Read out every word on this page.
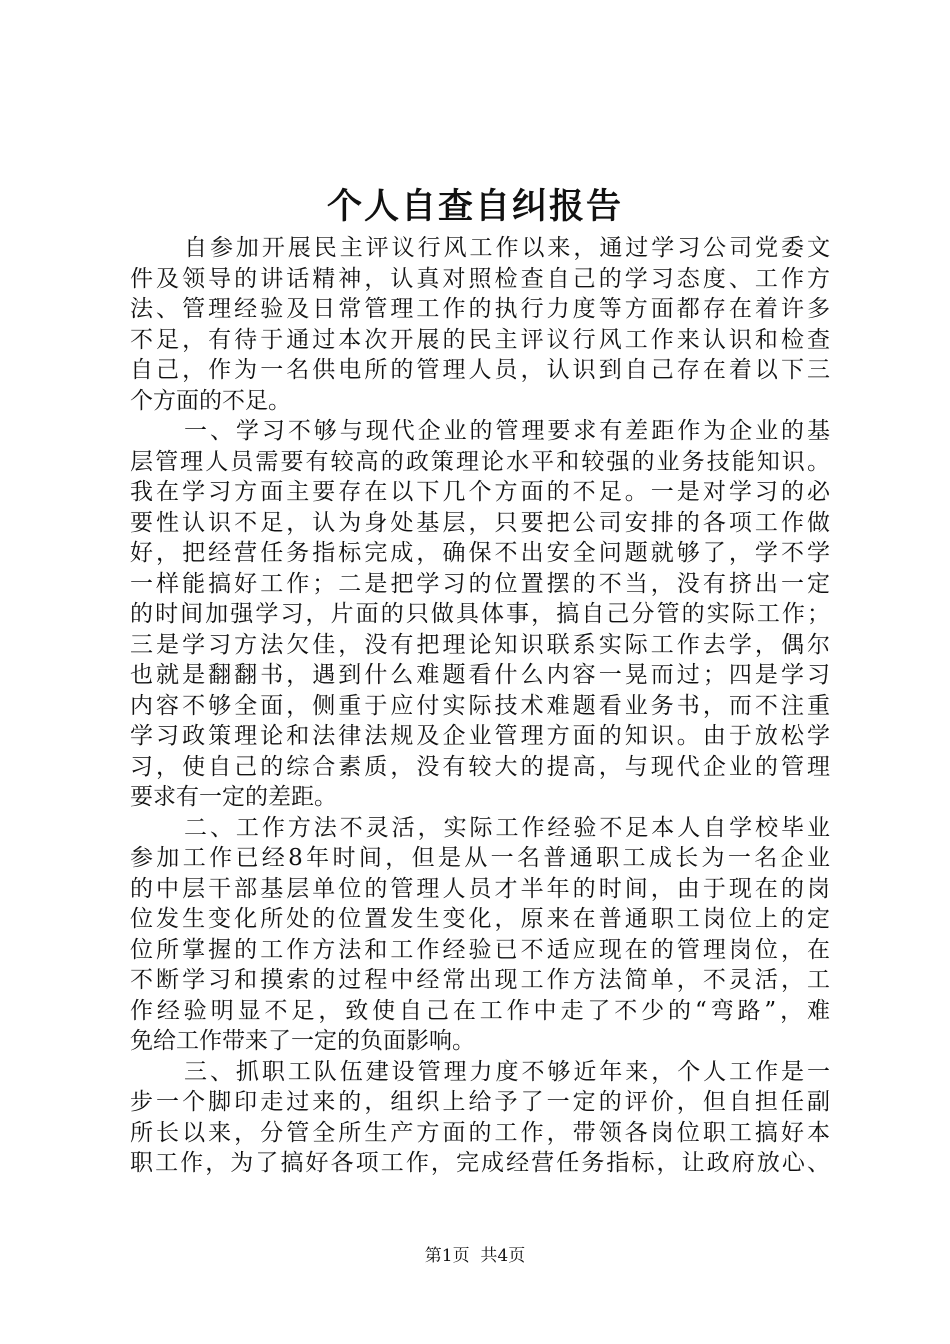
个人自查自纠报告
自参加开展民主评议行风工作以来，通过学习公司党委文
件及领导的讲话精神，认真对照检查自己的学习态度、工作方
法、管理经验及日常管理工作的执行力度等方面都存在着许多
不足，有待于通过本次开展的民主评议行风工作来认识和检查
自己，作为一名供电所的管理人员，认识到自己存在着以下三
个方面的不足。
一、学习不够与现代企业的管理要求有差距作为企业的基
层管理人员需要有较高的政策理论水平和较强的业务技能知识。
我在学习方面主要存在以下几个方面的不足。一是对学习的必
要性认识不足，认为身处基层，只要把公司安排的各项工作做
好，把经营任务指标完成，确保不出安全问题就够了，学不学
一样能搞好工作；二是把学习的位置摆的不当，没有挤出一定
的时间加强学习，片面的只做具体事，搞自己分管的实际工作；
三是学习方法欠佳，没有把理论知识联系实际工作去学，偶尔
也就是翻翻书，遇到什么难题看什么内容一晃而过；四是学习
内容不够全面，侧重于应付实际技术难题看业务书，而不注重
学习政策理论和法律法规及企业管理方面的知识。由于放松学
习，使自己的综合素质，没有较大的提高，与现代企业的管理
要求有一定的差距。
二、工作方法不灵活，实际工作经验不足本人自学校毕业
参加工作已经8年时间，但是从一名普通职工成长为一名企业
的中层干部基层单位的管理人员才半年的时间，由于现在的岗
位发生变化所处的位置发生变化，原来在普通职工岗位上的定
位所掌握的工作方法和工作经验已不适应现在的管理岗位，在
不断学习和摸索的过程中经常出现工作方法简单，不灵活，工
作经验明显不足，致使自己在工作中走了不少的“弯路”，难
免给工作带来了一定的负面影响。
三、抓职工队伍建设管理力度不够近年来，个人工作是一
步一个脚印走过来的，组织上给予了一定的评价，但自担任副
所长以来，分管全所生产方面的工作，带领各岗位职工搞好本
职工作，为了搞好各项工作，完成经营任务指标，让政府放心、
第1页 共4页
